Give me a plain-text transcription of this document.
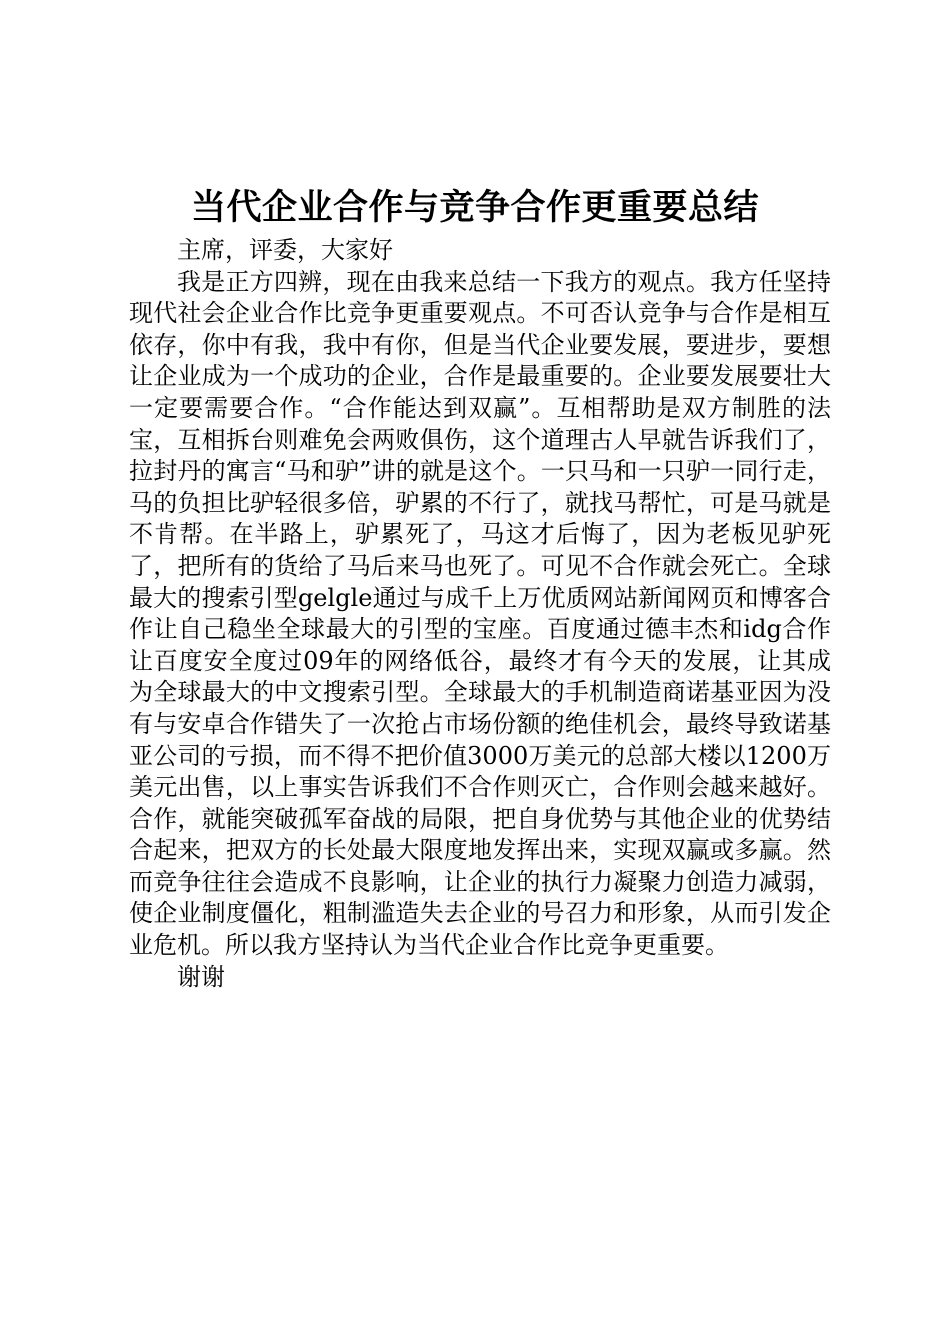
当代企业合作与竞争合作更重要总结

主席，评委，大家好

我是正方四辨，现在由我来总结一下我方的观点。我方任坚持现代社会企业合作比竞争更重要观点。不可否认竞争与合作是相互依存，你中有我，我中有你，但是当代企业要发展，要进步，要想让企业成为一个成功的企业，合作是最重要的。企业要发展要壮大一定要需要合作。“合作能达到双赢”。互相帮助是双方制胜的法宝，互相拆台则难免会两败俱伤，这个道理古人早就告诉我们了，拉封丹的寓言“马和驴”讲的就是这个。一只马和一只驴一同行走，马的负担比驴轻很多倍，驴累的不行了，就找马帮忙，可是马就是不肯帮。在半路上，驴累死了，马这才后悔了，因为老板见驴死了，把所有的货给了马后来马也死了。可见不合作就会死亡。全球最大的搜索引型gelgle通过与成千上万优质网站新闻网页和博客合作让自己稳坐全球最大的引型的宝座。百度通过德丰杰和idg合作让百度安全度过09年的网络低谷，最终才有今天的发展，让其成为全球最大的中文搜索引型。全球最大的手机制造商诺基亚因为没有与安卓合作错失了一次抢占市场份额的绝佳机会，最终导致诺基亚公司的亏损，而不得不把价值3000万美元的总部大楼以1200万美元出售，以上事实告诉我们不合作则灭亡，合作则会越来越好。合作，就能突破孤军奋战的局限，把自身优势与其他企业的优势结合起来，把双方的长处最大限度地发挥出来，实现双赢或多赢。然而竞争往往会造成不良影响，让企业的执行力凝聚力创造力减弱，使企业制度僵化，粗制滥造失去企业的号召力和形象，从而引发企业危机。所以我方坚持认为当代企业合作比竞争更重要。

谢谢
